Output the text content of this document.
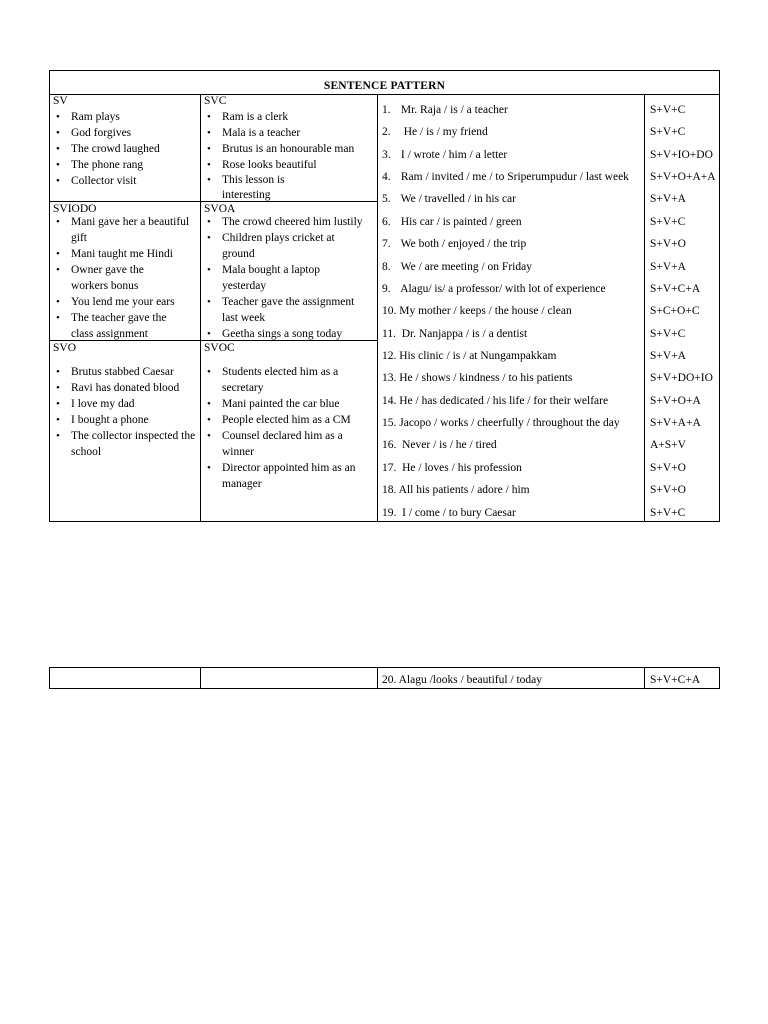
SENTENCE PATTERN
SV
• Ram plays
• God forgives
• The crowd laughed
• The phone rang
• Collector visit
SVC
• Ram is a clerk
• Mala is a teacher
• Brutus is an honourable man
• Rose looks beautiful
• This lesson is interesting
SVIODO
• Mani gave her a beautiful gift
• Mani taught me Hindi
• Owner gave the workers bonus
• You lend me your ears
• The teacher gave the class assignment
SVOA
• The crowd cheered him lustily
• Children plays cricket at ground
• Mala bought a laptop yesterday
• Teacher gave the assignment last week
• Geetha sings a song today
SVO
• Brutus stabbed Caesar
• Ravi has donated blood
• I love my dad
• I bought a phone
• The collector inspected the school
SVOC
• Students elected him as a secretary
• Mani painted the car blue
• People elected him as a CM
• Counsel declared him as a winner
• Director appointed him as an manager
1. Mr. Raja / is / a teacher
2. He / is / my friend
3. I / wrote / him / a letter
4. Ram / invited / me / to Sriperumpudur / last week
5. We / travelled / in his car
6. His car / is painted / green
7. We both / enjoyed / the trip
8. We / are meeting / on Friday
9. Alagu/ is/ a professor/ with lot of experience
10. My mother / keeps / the house / clean
11. Dr. Nanjappa / is / a dentist
12. His clinic / is / at Nungampakkam
13. He / shows / kindness / to his patients
14. He / has dedicated / his life / for their welfare
15. Jacopo / works / cheerfully / throughout the day
16. Never / is / he / tired
17. He / loves / his profession
18. All his patients / adore / him
19. I / come / to bury Caesar
S+V+C
S+V+C
S+V+IO+DO
S+V+O+A+A
S+V+A
S+V+C
S+V+O
S+V+A
S+V+C+A
S+C+O+C
S+V+C
S+V+A
S+V+DO+IO
S+V+O+A
S+V+A+A
A+S+V
S+V+O
S+V+O
S+V+C
20. Alagu /looks / beautiful / today	S+V+C+A
